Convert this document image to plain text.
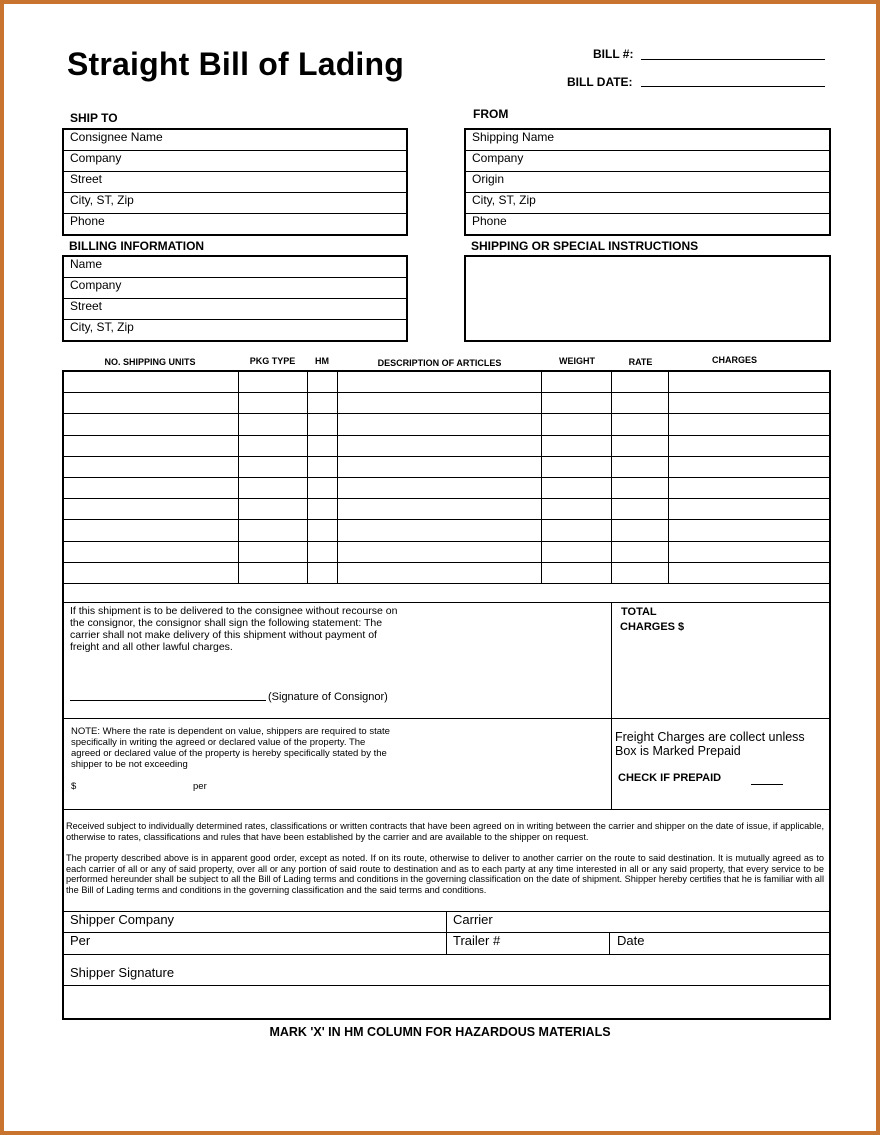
Straight Bill of Lading	BILL #:
BILL DATE:
SHIP TO
Consignee Name
Company
Street
City, ST, Zip
Phone
FROM
Shipping Name
Company
Origin
City, ST, Zip
Phone
BILLING INFORMATION
Name
Company
Street
City, ST, Zip
SHIPPING OR SPECIAL INSTRUCTIONS
NO. SHIPPING UNITS	PKG TYPE	HM	DESCRIPTION OF ARTICLES	WEIGHT	RATE	CHARGES

If this shipment is to be delivered to the consignee without recourse on the consignor, the consignor shall sign the following statement: The carrier shall not make delivery of this shipment without payment of freight and all other lawful charges.
(Signature of Consignor)
TOTAL
CHARGES $
NOTE: Where the rate is dependent on value, shippers are required to state specifically in writing the agreed or declared value of the property. The agreed or declared value of the property is hereby specifically stated by the shipper to be not exceeding
$	per
Freight Charges are collect unless Box is Marked Prepaid
CHECK IF PREPAID
Received subject to individually determined rates, classifications or written contracts that have been agreed on in writing between the carrier and shipper on the date of issue, if applicable, otherwise to rates, classifications and rules that have been established by the carrier and are available to the shipper on request.
The property described above is in apparent good order, except as noted. If on its route, otherwise to deliver to another carrier on the route to said destination. It is mutually agreed as to each carrier of all or any of said property, over all or any portion of said route to destination and as to each party at any time interested in all or any said property, that every service to be performed hereunder shall be subject to all the Bill of Lading terms and conditions in the governing classification on the date of shipment. Shipper hereby certifies that he is familiar with all the Bill of Lading terms and conditions in the governing classification and the said terms and conditions.
Shipper Company	Carrier
Per	Trailer #	Date
Shipper Signature
MARK 'X' IN HM COLUMN FOR HAZARDOUS MATERIALS
